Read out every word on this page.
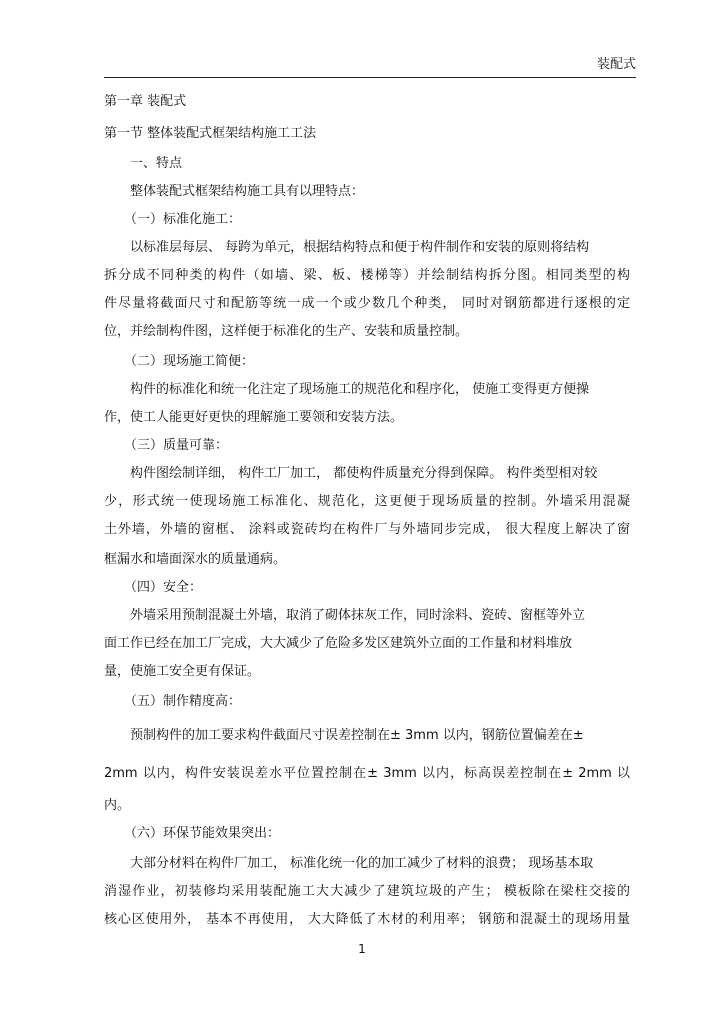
装配式
第一章 装配式
第一节 整体装配式框架结构施工工法
一、特点
整体装配式框架结构施工具有以理特点：
（一）标准化施工：
以标准层每层、 每跨为单元，根据结构特点和便于构件制作和安装的原则将结构
拆分成不同种类的构件（如墙、梁、板、楼梯等）并绘制结构拆分图。相同类型的构
件尽量将截面尺寸和配筋等统一成一个或少数几个种类， 同时对钢筋都进行逐根的定
位，并绘制构件图，这样便于标准化的生产、安装和质量控制。
（二）现场施工简便：
构件的标准化和统一化注定了现场施工的规范化和程序化， 使施工变得更方便操
作，使工人能更好更快的理解施工要领和安装方法。
（三）质量可靠：
构件图绘制详细， 构件工厂加工， 都使构件质量充分得到保障。 构件类型相对较
少，形式统一使现场施工标准化、规范化，这更便于现场质量的控制。外墙采用混凝
土外墙，外墙的窗框、 涂料或瓷砖均在构件厂与外墙同步完成， 很大程度上解决了窗
框漏水和墙面深水的质量通病。
（四）安全：
外墙采用预制混凝土外墙，取消了砌体抹灰工作，同时涂料、瓷砖、窗框等外立
面工作已经在加工厂完成，大大减少了危险多发区建筑外立面的工作量和材料堆放
量，使施工安全更有保证。
（五）制作精度高：
预制构件的加工要求构件截面尺寸误差控制在± 3mm 以内，钢筋位置偏差在±
2mm 以内，构件安装误差水平位置控制在± 3mm 以内，标高误差控制在± 2mm 以
内。
（六）环保节能效果突出：
大部分材料在构件厂加工， 标准化统一化的加工减少了材料的浪费； 现场基本取
消湿作业，初装修均采用装配施工大大减少了建筑垃圾的产生； 模板除在梁柱交接的
核心区使用外， 基本不再使用， 大大降低了木材的利用率； 钢筋和混凝土的现场用量
1
